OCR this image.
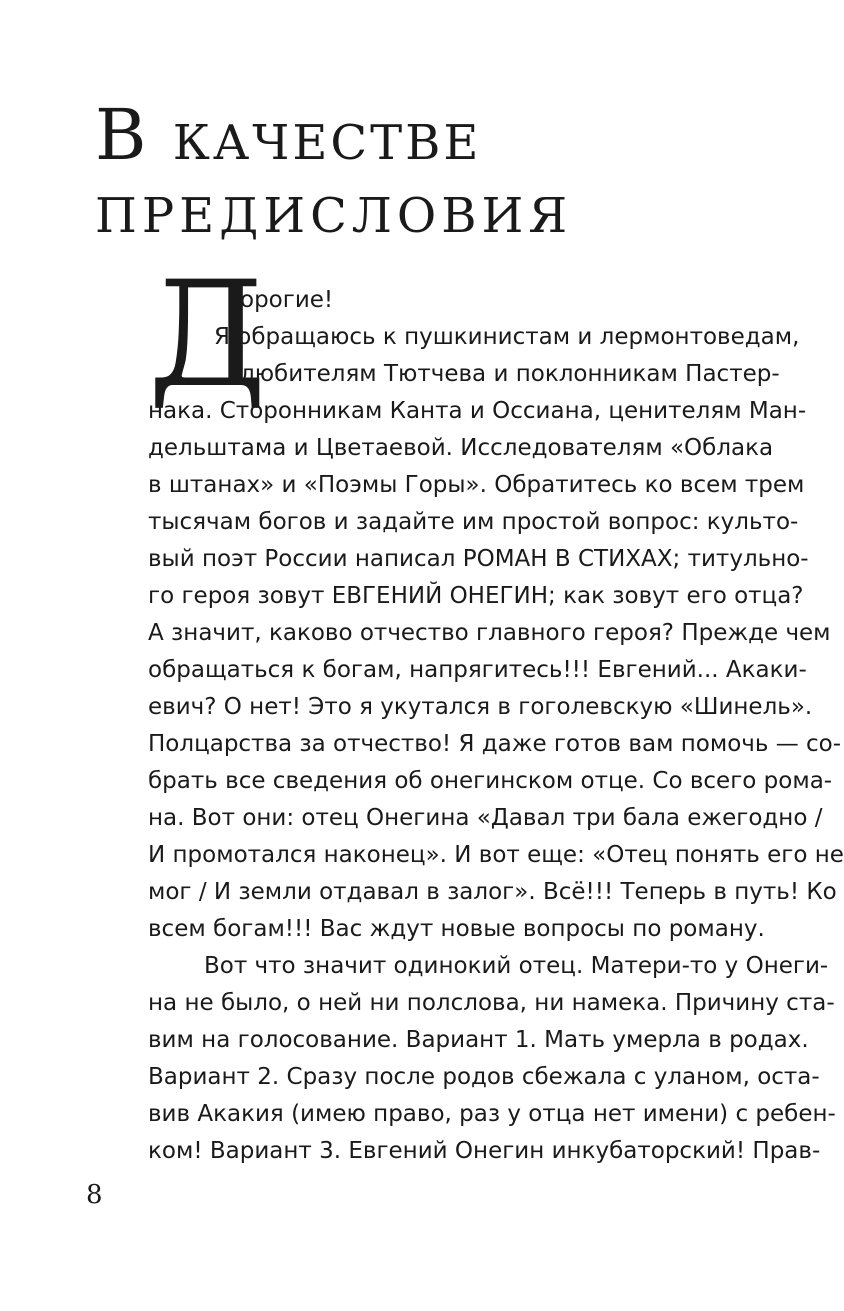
В КАЧЕСТВЕ
ПРЕДИСЛОВИЯ
Д
орогие!
Я обращаюсь к пушкинистам и лермонтоведам,
любителям Тютчева и поклонникам Пастер-
нака. Сторонникам Канта и Оссиана, ценителям Ман-
дельштама и Цветаевой. Исследователям «Облака
в штанах» и «Поэмы Горы». Обратитесь ко всем трем
тысячам богов и задайте им простой вопрос: культо-
вый поэт России написал РОМАН В СТИХАХ; титульно-
го героя зовут ЕВГЕНИЙ ОНЕГИН; как зовут его отца?
А значит, каково отчество главного героя? Прежде чем
обращаться к богам, напрягитесь!!! Евгений... Акаки-
евич? О нет! Это я укутался в гоголевскую «Шинель».
Полцарства за отчество! Я даже готов вам помочь — со-
брать все сведения об онегинском отце. Со всего рома-
на. Вот они: отец Онегина «Давал три бала ежегодно /
И промотался наконец». И вот еще: «Отец понять его не
мог / И земли отдавал в залог». Всё!!! Теперь в путь! Ко
всем богам!!! Вас ждут новые вопросы по роману.
Вот что значит одинокий отец. Матери-то у Онеги-
на не было, о ней ни полслова, ни намека. Причину ста-
вим на голосование. Вариант 1. Мать умерла в родах.
Вариант 2. Сразу после родов сбежала с уланом, оста-
вив Акакия (имею право, раз у отца нет имени) с ребен-
ком! Вариант 3. Евгений Онегин инкубаторский! Прав-
8
